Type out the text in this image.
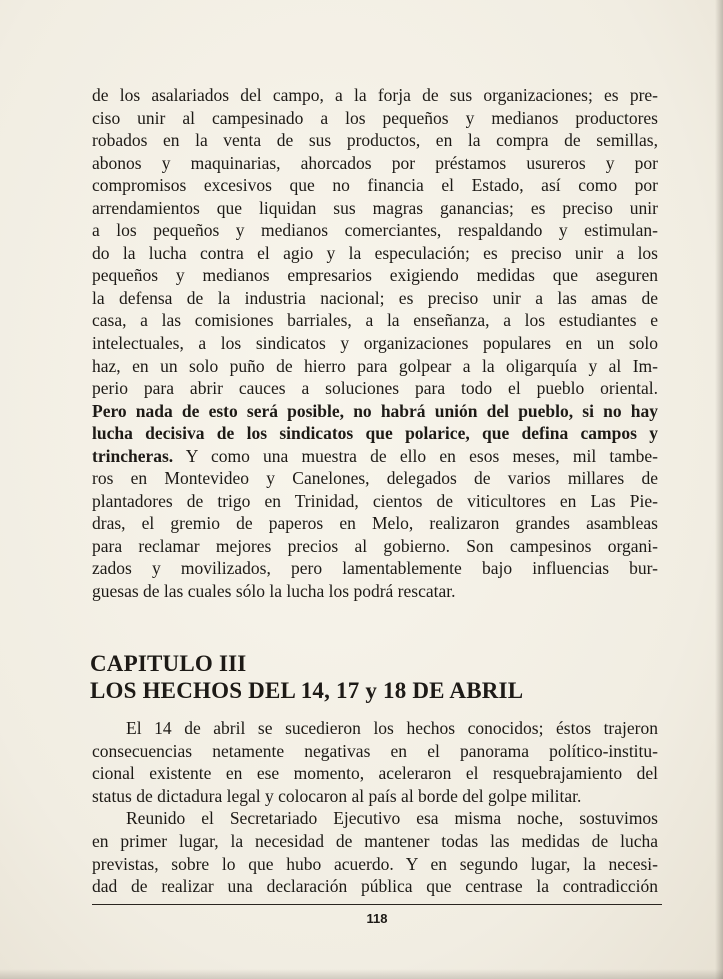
de los asalariados del campo, a la forja de sus organizaciones; es pre-
ciso unir al campesinado a los pequeños y medianos productores
robados en la venta de sus productos, en la compra de semillas,
abonos y maquinarias, ahorcados por préstamos usureros y por
compromisos excesivos que no financia el Estado, así como por
arrendamientos que liquidan sus magras ganancias; es preciso unir
a los pequeños y medianos comerciantes, respaldando y estimulan-
do la lucha contra el agio y la especulación; es preciso unir a los
pequeños y medianos empresarios exigiendo medidas que aseguren
la defensa de la industria nacional; es preciso unir a las amas de
casa, a las comisiones barriales, a la enseñanza, a los estudiantes e
intelectuales, a los sindicatos y organizaciones populares en un solo
haz, en un solo puño de hierro para golpear a la oligarquía y al Im-
perio para abrir cauces a soluciones para todo el pueblo oriental.
Pero nada de esto será posible, no habrá unión del pueblo, si no hay
lucha decisiva de los sindicatos que polarice, que defina campos y
trincheras. Y como una muestra de ello en esos meses, mil tambe-
ros en Montevideo y Canelones, delegados de varios millares de
plantadores de trigo en Trinidad, cientos de viticultores en Las Pie-
dras, el gremio de paperos en Melo, realizaron grandes asambleas
para reclamar mejores precios al gobierno. Son campesinos organi-
zados y movilizados, pero lamentablemente bajo influencias bur-
guesas de las cuales sólo la lucha los podrá rescatar.
CAPITULO III
LOS HECHOS DEL 14, 17 y 18 DE ABRIL
El 14 de abril se sucedieron los hechos conocidos; éstos trajeron
consecuencias netamente negativas en el panorama político-institu-
cional existente en ese momento, aceleraron el resquebrajamiento del
status de dictadura legal y colocaron al país al borde del golpe militar.
Reunido el Secretariado Ejecutivo esa misma noche, sostuvimos
en primer lugar, la necesidad de mantener todas las medidas de lucha
previstas, sobre lo que hubo acuerdo. Y en segundo lugar, la necesi-
dad de realizar una declaración pública que centrase la contradicción
118
